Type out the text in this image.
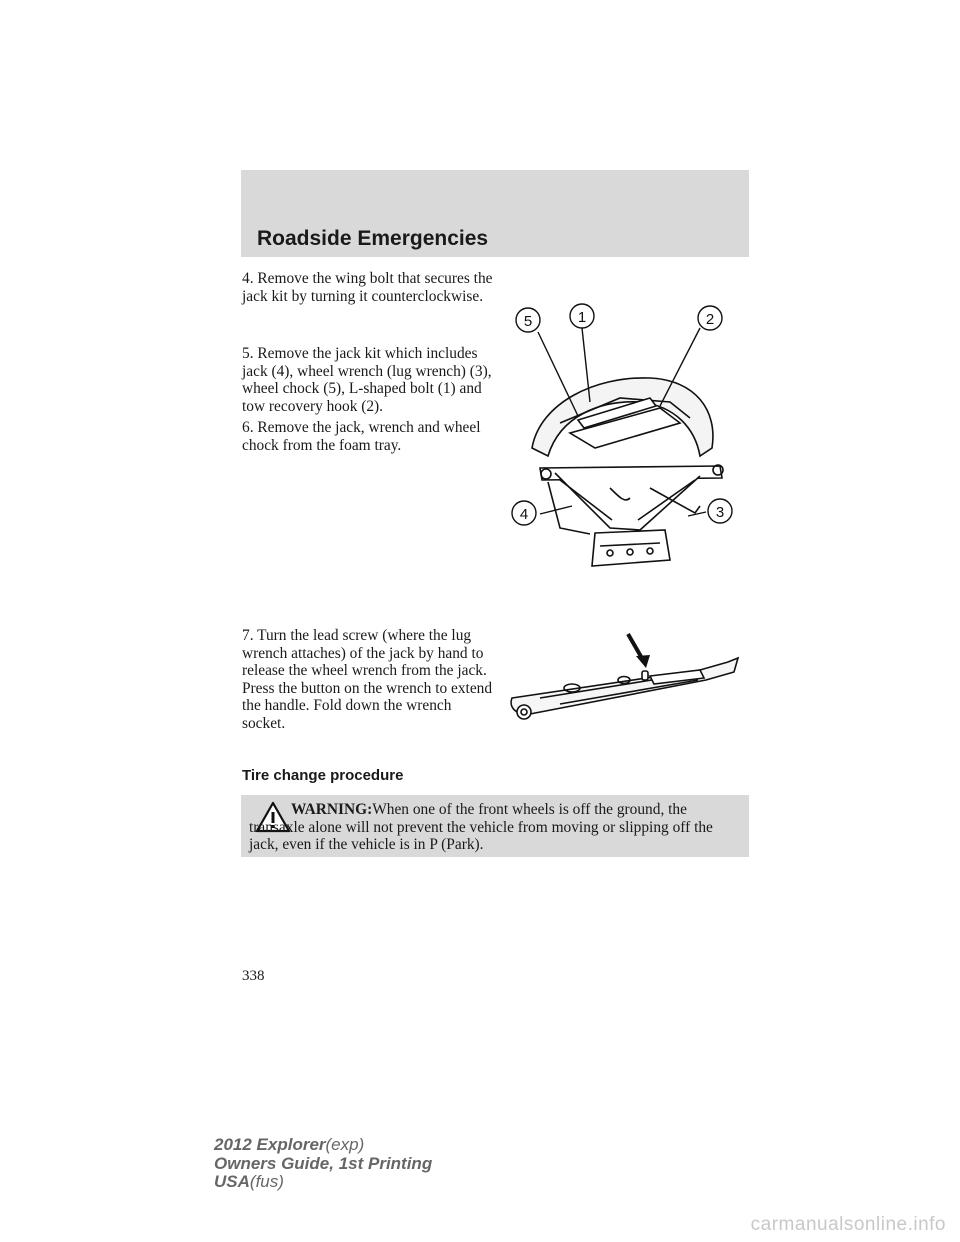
Roadside Emergencies

4. Remove the wing bolt that secures the jack kit by turning it counterclockwise.

5. Remove the jack kit which includes jack (4), wheel wrench (lug wrench) (3), wheel chock (5), L-shaped bolt (1) and tow recovery hook (2).

6. Remove the jack, wrench and wheel chock from the foam tray.

5	1	2
4	3

7. Turn the lead screw (where the lug wrench attaches) of the jack by hand to release the wheel wrench from the jack. Press the button on the wrench to extend the handle. Fold down the wrench socket.

Tire change procedure

WARNING:When one of the front wheels is off the ground, the transaxle alone will not prevent the vehicle from moving or slipping off the jack, even if the vehicle is in P (Park).

338

2012 Explorer(exp)
Owners Guide, 1st Printing
USA(fus)

carmanualsonline.info
